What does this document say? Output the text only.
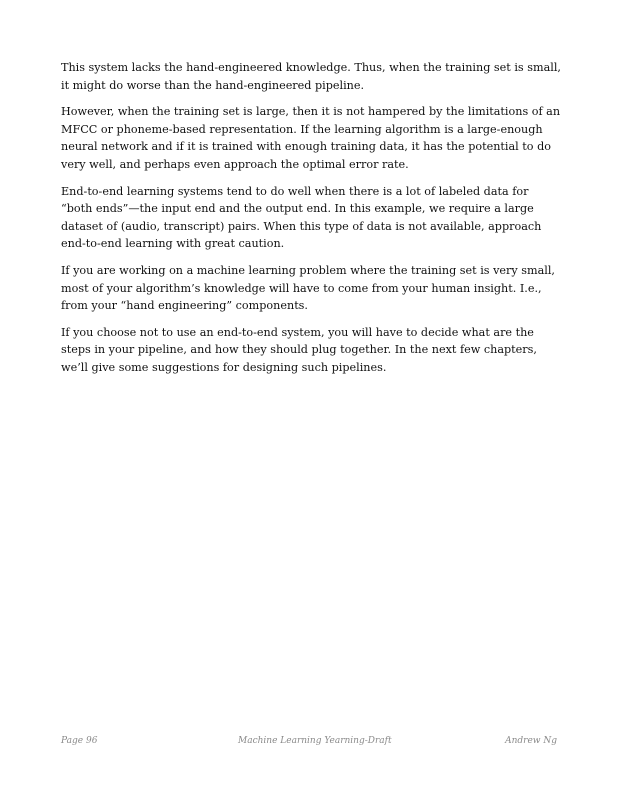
This system lacks the hand-engineered knowledge. Thus, when the training set is small, it might do worse than the hand-engineered pipeline.

However, when the training set is large, then it is not hampered by the limitations of an MFCC or phoneme-based representation. If the learning algorithm is a large-enough neural network and if it is trained with enough training data, it has the potential to do very well, and perhaps even approach the optimal error rate.

End-to-end learning systems tend to do well when there is a lot of labeled data for “both ends”—the input end and the output end. In this example, we require a large dataset of (audio, transcript) pairs. When this type of data is not available, approach end-to-end learning with great caution.

If you are working on a machine learning problem where the training set is very small, most of your algorithm’s knowledge will have to come from your human insight. I.e., from your “hand engineering” components.

If you choose not to use an end-to-end system, you will have to decide what are the steps in your pipeline, and how they should plug together. In the next few chapters, we’ll give some suggestions for designing such pipelines.

Page 96	Machine Learning Yearning-Draft	Andrew Ng
